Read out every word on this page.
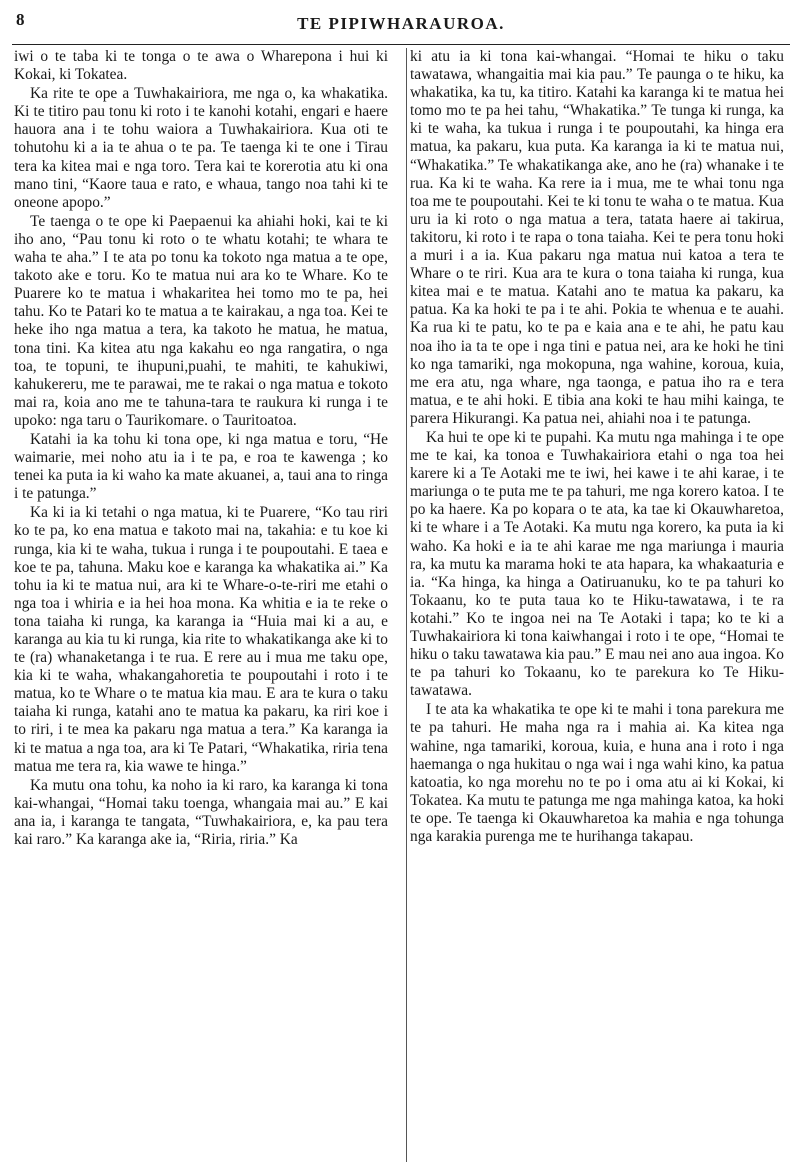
8	TE PIPIWHARAUROA.

iwi o te taba ki te tonga o te awa o Wharepona i hui ki Kokai, ki Tokatea.

Ka rite te ope a Tuwhakairiora, me nga o, ka whakatika. Ki te titiro pau tonu ki roto i te kanohi kotahi, engari e haere hauora ana i te tohu waiora a Tuwhakairiora. Kua oti te tohutohu ki a ia te ahua o te pa. Te taenga ki te one i Tirau tera ka kitea mai e nga toro. Tera kai te korerotia atu ki ona mano tini, “Kaore taua e rato, e whaua, tango noa tahi ki te oneone apopo.”

Te taenga o te ope ki Paepaenui ka ahiahi hoki, kai te ki iho ano, “Pau tonu ki roto o te whatu kotahi; te whara te waha te aha.” I te ata po tonu ka tokoto nga matua a te ope, takoto ake e toru. Ko te matua nui ara ko te Whare. Ko te Puarere ko te matua i whakaritea hei tomo mo te pa, hei tahu. Ko te Patari ko te matua a te kairakau, a nga toa. Kei te heke iho nga matua a tera, ka takoto he matua, he matua, tona tini. Ka kitea atu nga kakahu eo nga rangatira, o nga toa, te topuni, te ihupuni,puahi, te mahiti, te kahukiwi, kahukereru, me te parawai, me te rakai o nga matua e tokoto mai ra, koia ano me te tahuna-tara te raukura ki runga i te upoko: nga taru o Taurikomare. o Tauritoatoa.

Katahi ia ka tohu ki tona ope, ki nga matua e toru, “He waimarie, mei noho atu ia i te pa, e roa te kawenga ; ko tenei ka puta ia ki waho ka mate akuanei, a, taui ana to ringa i te patunga.”

Ka ki ia ki tetahi o nga matua, ki te Puarere, “Ko tau riri ko te pa, ko ena matua e takoto mai na, takahia: e tu koe ki runga, kia ki te waha, tukua i runga i te poupoutahi. E taea e koe te pa, tahuna. Maku koe e karanga ka whakatika ai.” Ka tohu ia ki te matua nui, ara ki te Whare-o-te-riri me etahi o nga toa i whiria e ia hei hoa mona. Ka whitia e ia te reke o tona taiaha ki runga, ka karanga ia “Huia mai ki a au, e karanga au kia tu ki runga, kia rite to whakatikanga ake ki to te (ra) whanaketanga i te rua. E rere au i mua me taku ope, kia ki te waha, whakangahoretia te poupoutahi i roto i te matua, ko te Whare o te matua kia mau. E ara te kura o taku taiaha ki runga, katahi ano te matua ka pakaru, ka riri koe i to riri, i te mea ka pakaru nga matua a tera.” Ka karanga ia ki te matua a nga toa, ara ki Te Patari, “Whakatika, riria tena matua me tera ra, kia wawe te hinga.”

Ka mutu ona tohu, ka noho ia ki raro, ka karanga ki tona kai-whangai, “Homai taku toenga, whangaia mai au.” E kai ana ia, i karanga te tangata, “Tuwhakairiora, e, ka pau tera kai raro.” Ka karanga ake ia, “Riria, riria.” Ka

ki atu ia ki tona kai-whangai. “Homai te hiku o taku tawatawa, whangaitia mai kia pau.” Te paunga o te hiku, ka whakatika, ka tu, ka titiro. Katahi ka karanga ki te matua hei tomo mo te pa hei tahu, “Whakatika.” Te tunga ki runga, ka ki te waha, ka tukua i runga i te poupoutahi, ka hinga era matua, ka pakaru, kua puta. Ka karanga ia ki te matua nui, “Whakatika.” Te whakatikanga ake, ano he (ra) whanake i te rua. Ka ki te waha. Ka rere ia i mua, me te whai tonu nga toa me te poupoutahi. Kei te ki tonu te waha o te matua. Kua uru ia ki roto o nga matua a tera, tatata haere ai takirua, takitoru, ki roto i te rapa o tona taiaha. Kei te pera tonu hoki a muri i a ia. Kua pakaru nga matua nui katoa a tera te Whare o te riri. Kua ara te kura o tona taiaha ki runga, kua kitea mai e te matua. Katahi ano te matua ka pakaru, ka patua. Ka ka hoki te pa i te ahi. Pokia te whenua e te auahi. Ka rua ki te patu, ko te pa e kaia ana e te ahi, he patu kau noa iho ia ta te ope i nga tini e patua nei, ara ke hoki he tini ko nga tamariki, nga mokopuna, nga wahine, koroua, kuia, me era atu, nga whare, nga taonga, e patua iho ra e tera matua, e te ahi hoki. E tibia ana koki te hau mihi kainga, te parera Hikurangi. Ka patua nei, ahiahi noa i te patunga.

Ka hui te ope ki te pupahi. Ka mutu nga mahinga i te ope me te kai, ka tonoa e Tuwhakairiora etahi o nga toa hei karere ki a Te Aotaki me te iwi, hei kawe i te ahi karae, i te mariunga o te puta me te pa tahuri, me nga korero katoa. I te po ka haere. Ka po kopara o te ata, ka tae ki Okauwharetoa, ki te whare i a Te Aotaki. Ka mutu nga korero, ka puta ia ki waho. Ka hoki e ia te ahi karae me nga mariunga i mauria ra, ka mutu ka marama hoki te ata hapara, ka whakaaturia e ia. “Ka hinga, ka hinga a Oatiruanuku, ko te pa tahuri ko Tokaanu, ko te puta taua ko te Hiku-tawatawa, i te ra kotahi.” Ko te ingoa nei na Te Aotaki i tapa; ko te ki a Tuwhakairiora ki tona kaiwhangai i roto i te ope, “Homai te hiku o taku tawatawa kia pau.” E mau nei ano aua ingoa. Ko te pa tahuri ko Tokaanu, ko te parekura ko Te Hiku-tawatawa.

I te ata ka whakatika te ope ki te mahi i tona parekura me te pa tahuri. He maha nga ra i mahia ai. Ka kitea nga wahine, nga tamariki, koroua, kuia, e huna ana i roto i nga haemanga o nga hukitau o nga wai i nga wahi kino, ka patua katoatia, ko nga morehu no te po i oma atu ai ki Kokai, ki Tokatea. Ka mutu te patunga me nga mahinga katoa, ka hoki te ope. Te taenga ki Okauwharetoa ka mahia e nga tohunga nga karakia purenga me te hurihanga takapau.
